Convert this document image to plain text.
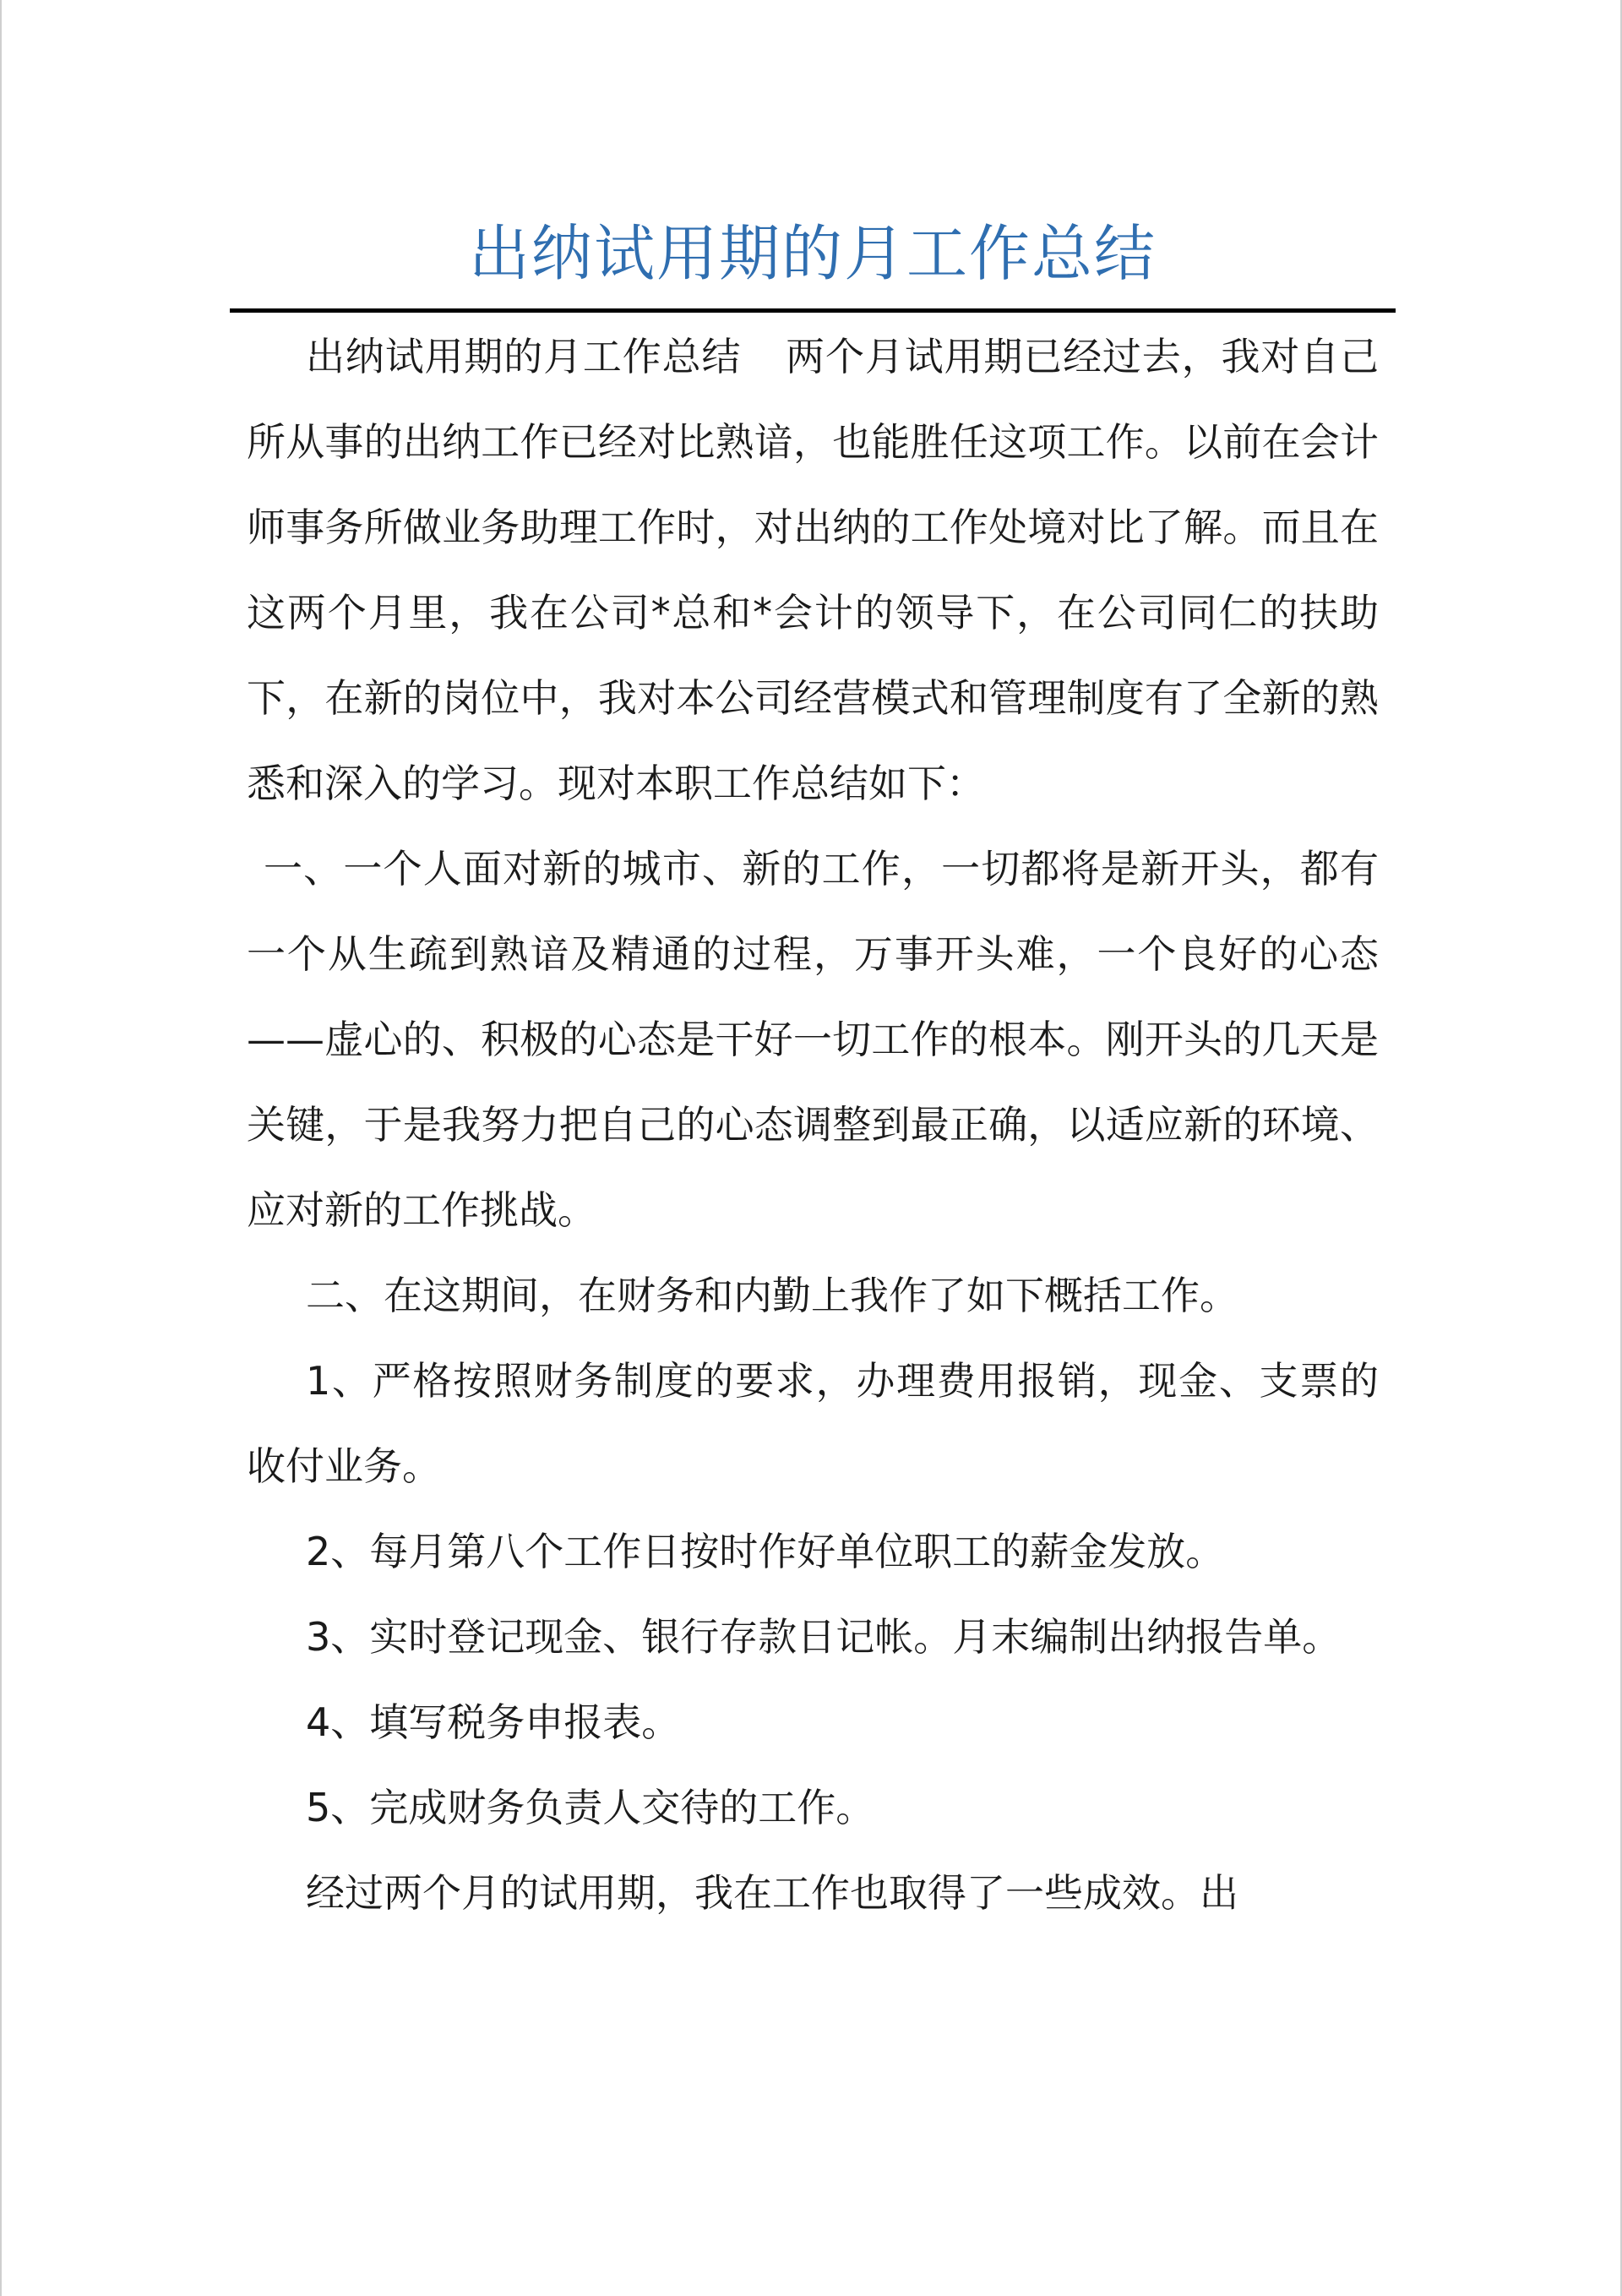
出纳试用期的月工作总结

出纳试用期的月工作总结 两个月试用期已经过去，我对自己所从事的出纳工作已经对比熟谙，也能胜任这项工作。以前在会计师事务所做业务助理工作时，对出纳的工作处境对比了解。而且在这两个月里，我在公司*总和*会计的领导下，在公司同仁的扶助下，在新的岗位中，我对本公司经营模式和管理制度有了全新的熟悉和深入的学习。现对本职工作总结如下：

一、一个人面对新的城市、新的工作，一切都将是新开头，都有一个从生疏到熟谙及精通的过程，万事开头难，一个良好的心态——虚心的、积极的心态是干好一切工作的根本。刚开头的几天是关键，于是我努力把自己的心态调整到最正确，以适应新的环境、应对新的工作挑战。

二、在这期间，在财务和内勤上我作了如下概括工作。

1、严格按照财务制度的要求，办理费用报销，现金、支票的收付业务。

2、每月第八个工作日按时作好单位职工的薪金发放。

3、实时登记现金、银行存款日记帐。月末编制出纳报告单。

4、填写税务申报表。

5、完成财务负责人交待的工作。

经过两个月的试用期，我在工作也取得了一些成效。出
